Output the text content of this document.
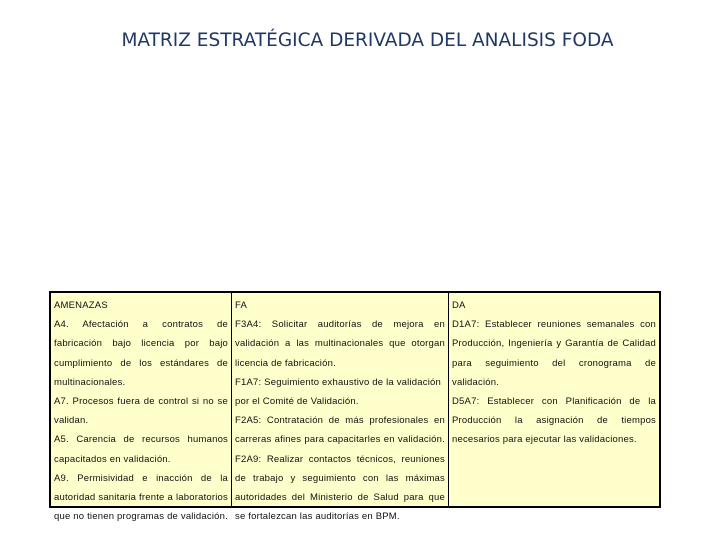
MATRIZ ESTRATÉGICA DERIVADA DEL ANALISIS FODA
AMENAZAS
A4. Afectación a contratos de
fabricación bajo licencia por bajo
cumplimiento de los estándares de
multinacionales.
A7. Procesos fuera de control si no se
validan.
A5. Carencia de recursos humanos
capacitados en validación.
A9. Permisividad e inacción de la
autoridad sanitaria frente a laboratorios
que no tienen programas de validación.
FA
F3A4: Solicitar auditorías de mejora en
validación a las multinacionales que otorgan
licencia de fabricación.
F1A7: Seguimiento exhaustivo de la validación
por el Comité de Validación.
F2A5: Contratación de más profesionales en
carreras afines para capacitarles en validación.
F2A9: Realizar contactos técnicos, reuniones
de trabajo y seguimiento con las máximas
autoridades del Ministerio de Salud para que
se fortalezcan las auditorías en BPM.
DA
D1A7: Establecer reuniones semanales con
Producción, Ingeniería y Garantía de Calidad
para seguimiento del cronograma de
validación.
D5A7: Establecer con Planificación de la
Producción la asignación de tiempos
necesarios para ejecutar las validaciones.
